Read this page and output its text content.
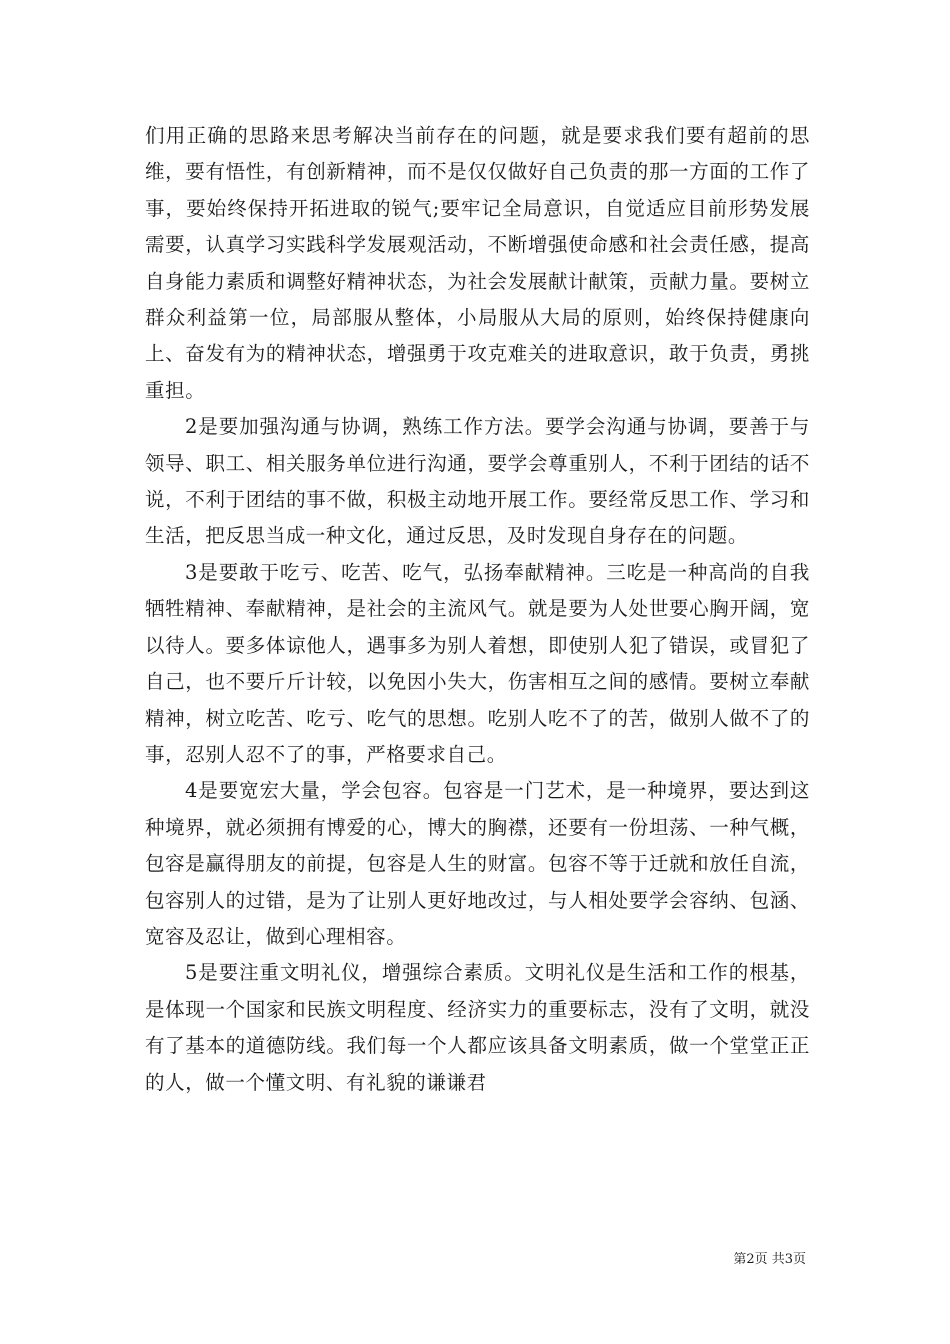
们用正确的思路来思考解决当前存在的问题，就是要求我们要有超前的思维，要有悟性，有创新精神，而不是仅仅做好自己负责的那一方面的工作了事，要始终保持开拓进取的锐气;要牢记全局意识，自觉适应目前形势发展需要，认真学习实践科学发展观活动，不断增强使命感和社会责任感，提高自身能力素质和调整好精神状态，为社会发展献计献策，贡献力量。要树立群众利益第一位，局部服从整体，小局服从大局的原则，始终保持健康向上、奋发有为的精神状态，增强勇于攻克难关的进取意识，敢于负责，勇挑重担。

2是要加强沟通与协调，熟练工作方法。要学会沟通与协调，要善于与领导、职工、相关服务单位进行沟通，要学会尊重别人，不利于团结的话不说，不利于团结的事不做，积极主动地开展工作。要经常反思工作、学习和生活，把反思当成一种文化，通过反思，及时发现自身存在的问题。

3是要敢于吃亏、吃苦、吃气，弘扬奉献精神。三吃是一种高尚的自我牺牲精神、奉献精神，是社会的主流风气。就是要为人处世要心胸开阔，宽以待人。要多体谅他人，遇事多为别人着想，即使别人犯了错误，或冒犯了自己，也不要斤斤计较，以免因小失大，伤害相互之间的感情。要树立奉献精神，树立吃苦、吃亏、吃气的思想。吃别人吃不了的苦，做别人做不了的事，忍别人忍不了的事，严格要求自己。

4是要宽宏大量，学会包容。包容是一门艺术，是一种境界，要达到这种境界，就必须拥有博爱的心，博大的胸襟，还要有一份坦荡、一种气概，包容是赢得朋友的前提，包容是人生的财富。包容不等于迁就和放任自流，包容别人的过错，是为了让别人更好地改过，与人相处要学会容纳、包涵、宽容及忍让，做到心理相容。

5是要注重文明礼仪，增强综合素质。文明礼仪是生活和工作的根基，是体现一个国家和民族文明程度、经济实力的重要标志，没有了文明，就没有了基本的道德防线。我们每一个人都应该具备文明素质，做一个堂堂正正的人，做一个懂文明、有礼貌的谦谦君

第2页 共3页
